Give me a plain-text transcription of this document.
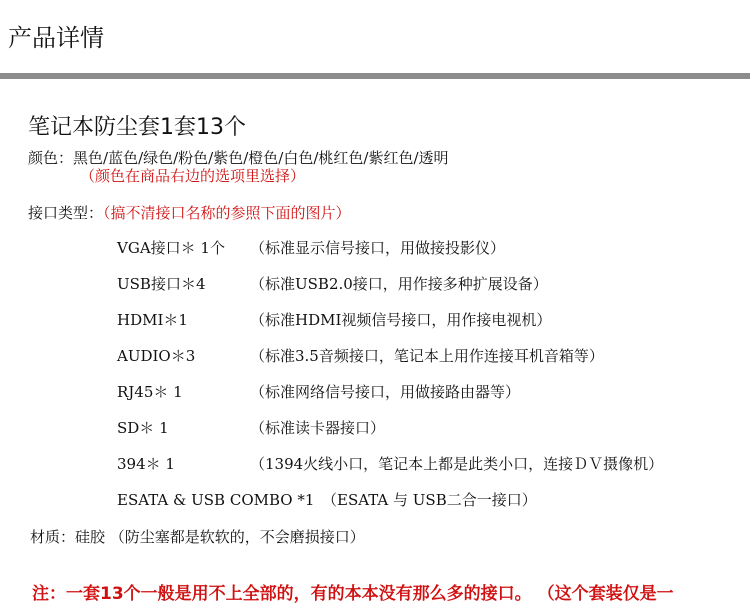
产品详情
笔记本防尘套1套13个
颜色：黑色/蓝色/绿色/粉色/紫色/橙色/白色/桃红色/紫红色/透明
（颜色在商品右边的选项里选择）
接口类型：（搞不清接口名称的参照下面的图片）
VGA接口＊ 1个 （标准显示信号接口，用做接投影仪）
USB接口＊4	（标准USB2.0接口，用作接多种扩展设备）
HDMI＊1	（标准HDMI视频信号接口，用作接电视机）
AUDIO＊3	（标准3.5音频接口，笔记本上用作连接耳机音箱等）
RJ45＊ 1	（标准网络信号接口，用做接路由器等）
SD＊ 1	（标准读卡器接口）
394＊ 1	（1394火线小口，笔记本上都是此类小口，连接ＤＶ摄像机）
ESATA & USB COMBO *1 （ESATA 与 USB二合一接口）
材质：硅胶 （防尘塞都是软软的，不会磨损接口）
注：一套13个一般是用不上全部的，有的本本没有那么多的接口。 （这个套装仅是一
